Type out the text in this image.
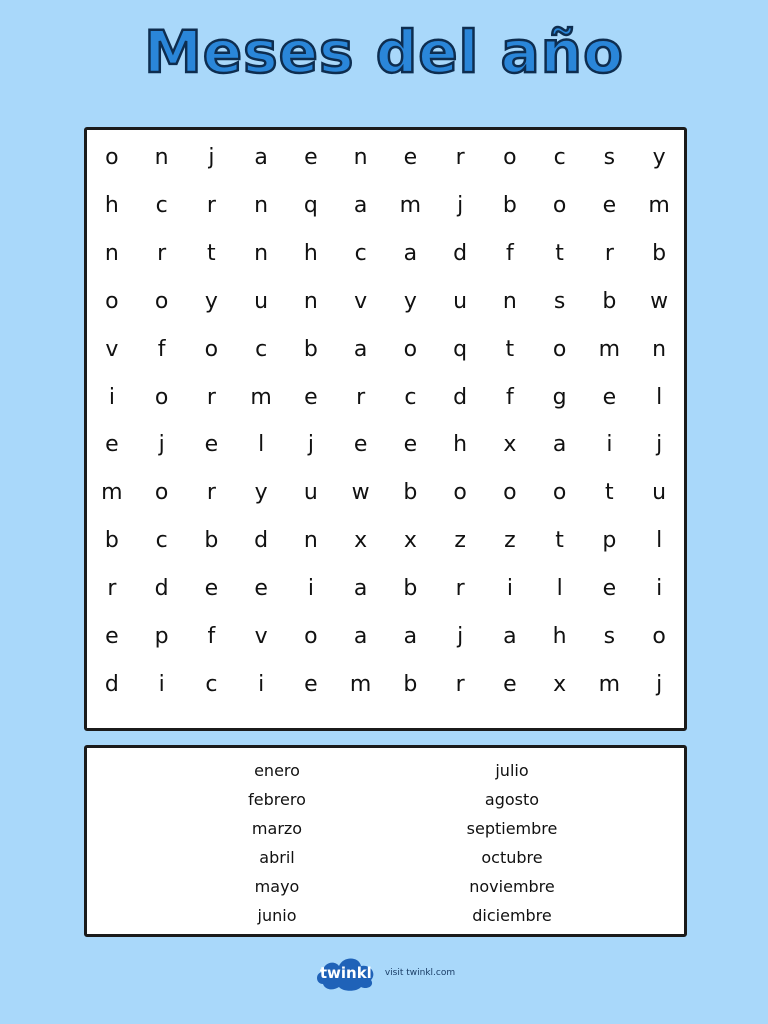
Meses del año
o	n	j	a	e	n	e	r	o	c	s	y
h	c	r	n	q	a	m	j	b	o	e	m
n	r	t	n	h	c	a	d	f	t	r	b
o	o	y	u	n	v	y	u	n	s	b	w
v	f	o	c	b	a	o	q	t	o	m	n
i	o	r	m	e	r	c	d	f	g	e	l
e	j	e	l	j	e	e	h	x	a	i	j
m	o	r	y	u	w	b	o	o	o	t	u
b	c	b	d	n	x	x	z	z	t	p	l
r	d	e	e	i	a	b	r	i	l	e	i
e	p	f	v	o	a	a	j	a	h	s	o
d	i	c	i	e	m	b	r	e	x	m	j
enero
febrero
marzo
abril
mayo
junio
julio
agosto
septiembre
octubre
noviembre
diciembre
twinkl visit twinkl.com
